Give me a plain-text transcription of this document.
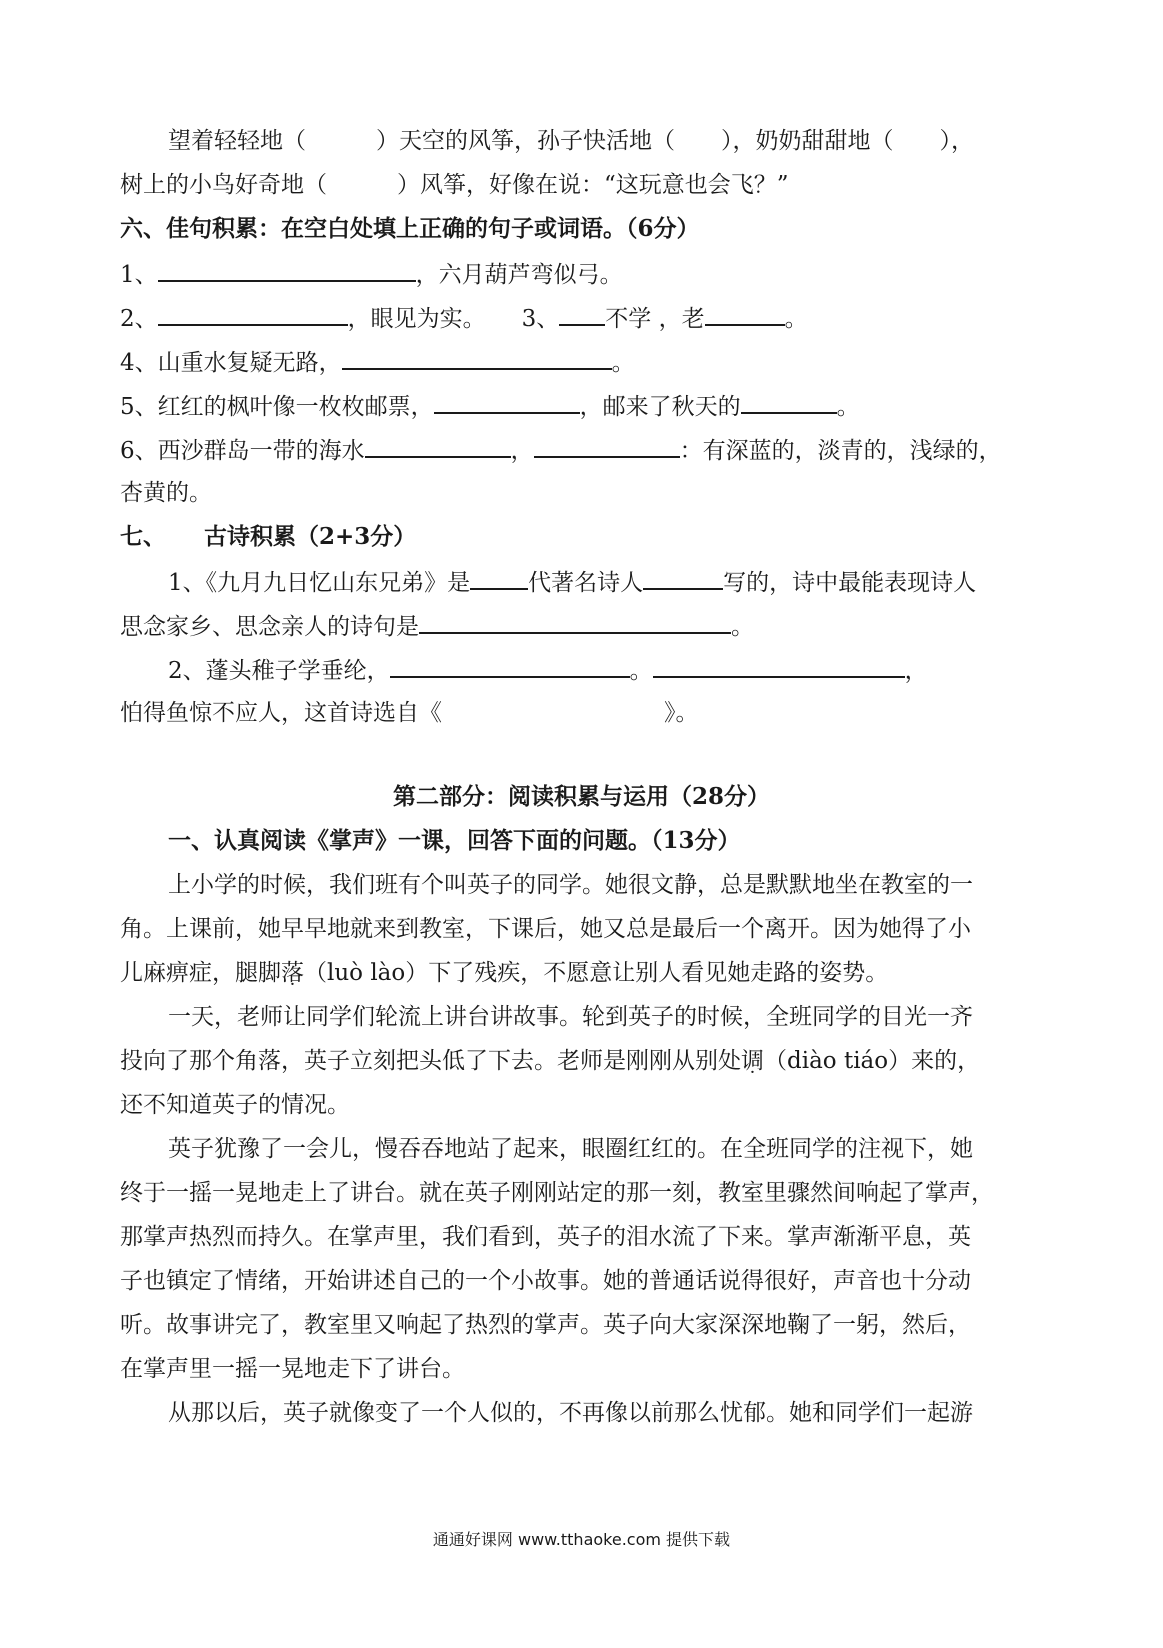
望着轻轻地（	）天空的风筝，孙子快活地（ ），奶奶甜甜地（ ），
树上的小鸟好奇地（	）风筝，好像在说：“这玩意也会飞？”
六、佳句积累：在空白处填上正确的句子或词语。（6分）
1、	，六月葫芦弯似弓。
2、	，眼见为实。 3、 不学 ，老	。
4、山重水复疑无路，	。
5、红红的枫叶像一枚枚邮票，	，邮来了秋天的	。
6、西沙群岛一带的海水	，	：有深蓝的，淡青的，浅绿的，
杏黄的。
七、 古诗积累（2+3分）
1、《九月九日忆山东兄弟》是	代著名诗人	写的，诗中最能表现诗人
思念家乡、思念亲人的诗句是	。
2、蓬头稚子学垂纶，	。	，
怕得鱼惊不应人，这首诗选自《	》。
第二部分：阅读积累与运用（28分）
一、认真阅读《掌声》一课，回答下面的问题。（13分）
上小学的时候，我们班有个叫英子的同学。她很文静，总是默默地坐在教室的一
角。上课前，她早早地就来到教室，下课后，她又总是最后一个离开。因为她得了小
儿麻痹症，腿脚落（luò lào）下了残疾，不愿意让别人看见她走路的姿势。
一天，老师让同学们轮流上讲台讲故事。轮到英子的时候，全班同学的目光一齐
投向了那个角落，英子立刻把头低了下去。老师是刚刚从别处调（diào tiáo）来的，
还不知道英子的情况。
英子犹豫了一会儿，慢吞吞地站了起来，眼圈红红的。在全班同学的注视下，她
终于一摇一晃地走上了讲台。就在英子刚刚站定的那一刻，教室里骤然间响起了掌声，
那掌声热烈而持久。在掌声里，我们看到，英子的泪水流了下来。掌声渐渐平息，英
子也镇定了情绪，开始讲述自己的一个小故事。她的普通话说得很好，声音也十分动
听。故事讲完了，教室里又响起了热烈的掌声。英子向大家深深地鞠了一躬，然后，
在掌声里一摇一晃地走下了讲台。
从那以后，英子就像变了一个人似的，不再像以前那么忧郁。她和同学们一起游
通通好课网 www.tthaoke.com 提供下载
